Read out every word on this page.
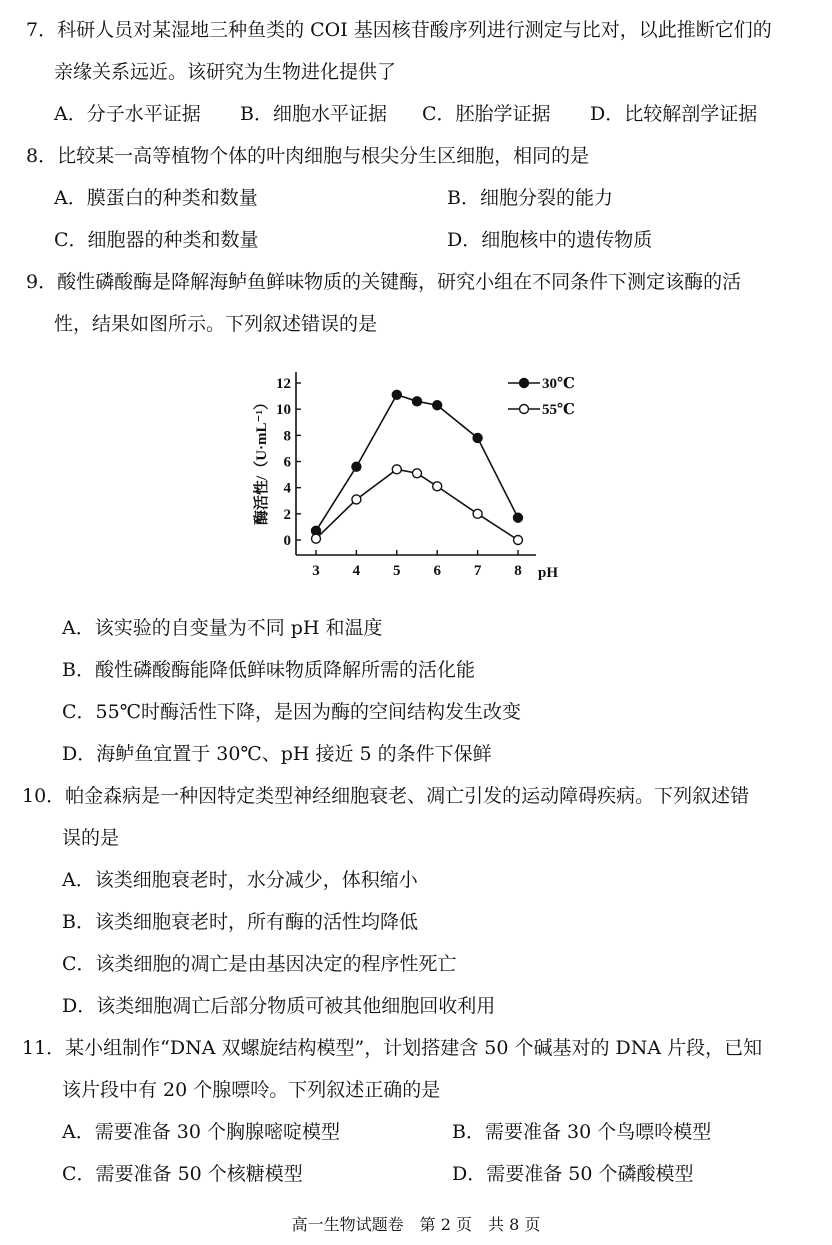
7．科研人员对某湿地三种鱼类的 COI 基因核苷酸序列进行测定与比对，以此推断它们的
亲缘关系远近。该研究为生物进化提供了
A．分子水平证据 B．细胞水平证据 C．胚胎学证据 D．比较解剖学证据
8．比较某一高等植物个体的叶肉细胞与根尖分生区细胞，相同的是
A．膜蛋白的种类和数量	B．细胞分裂的能力
C．细胞器的种类和数量	D．细胞核中的遗传物质
9．酸性磷酸酶是降解海鲈鱼鲜味物质的关键酶，研究小组在不同条件下测定该酶的活
性，结果如图所示。下列叙述错误的是
3 4 5 6 7 8
0
2
4
6
8
10
12
pH
酶活性/（U·mL⁻¹）
30℃
55℃
A．该实验的自变量为不同 pH 和温度
B．酸性磷酸酶能降低鲜味物质降解所需的活化能
C．55℃时酶活性下降，是因为酶的空间结构发生改变
D．海鲈鱼宜置于 30℃、pH 接近 5 的条件下保鲜
10．帕金森病是一种因特定类型神经细胞衰老、凋亡引发的运动障碍疾病。下列叙述错
误的是
A．该类细胞衰老时，水分减少，体积缩小
B．该类细胞衰老时，所有酶的活性均降低
C．该类细胞的凋亡是由基因决定的程序性死亡
D．该类细胞凋亡后部分物质可被其他细胞回收利用
11．某小组制作“DNA 双螺旋结构模型”，计划搭建含 50 个碱基对的 DNA 片段，已知
该片段中有 20 个腺嘌呤。下列叙述正确的是
A．需要准备 30 个胸腺嘧啶模型	B．需要准备 30 个鸟嘌呤模型
C．需要准备 50 个核糖模型	D．需要准备 50 个磷酸模型
高一生物试题卷　第 2 页　共 8 页
